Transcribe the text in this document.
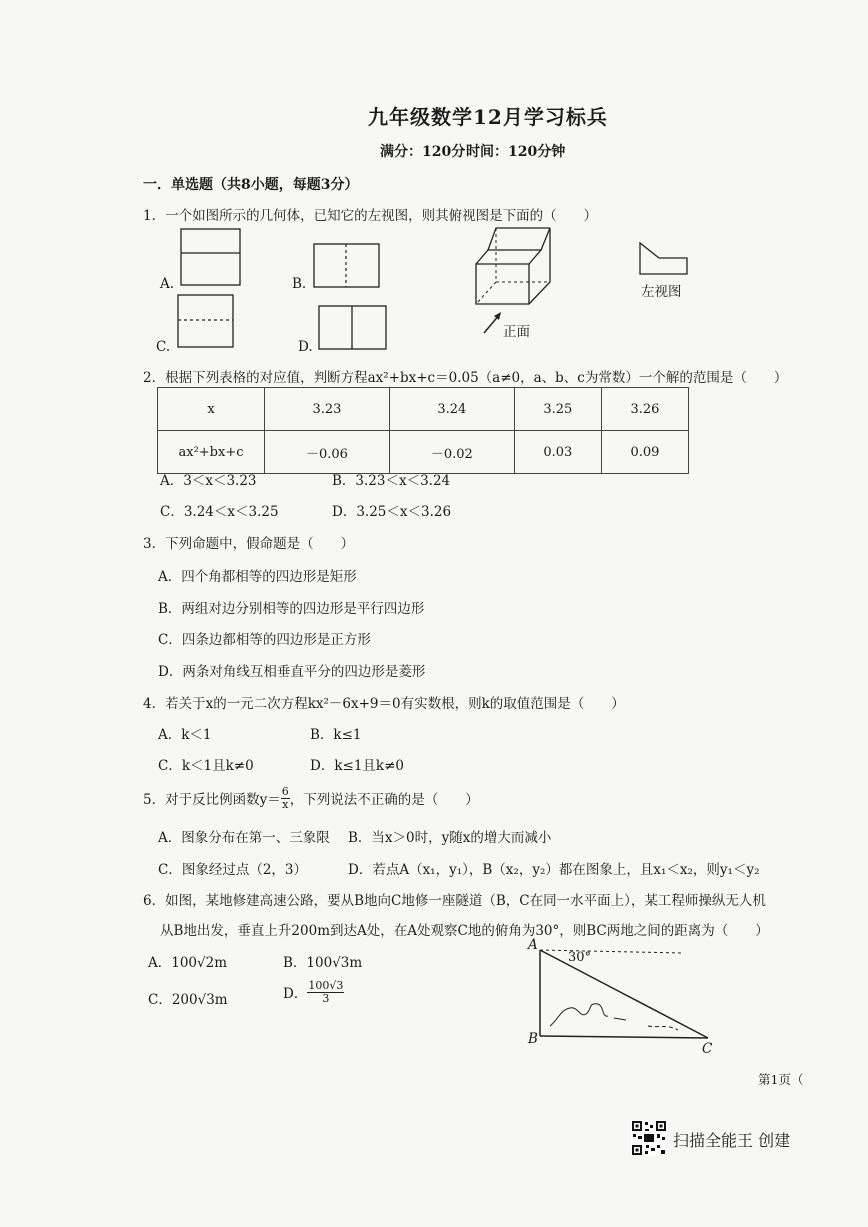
九年级数学12月学习标兵
满分：120分 时间：120分钟
一．单选题（共8小题，每题3分）
1．一个如图所示的几何体，已知它的左视图，则其俯视图是下面的（　　）
A.	B.
C.	D.
正面
左视图
2．根据下列表格的对应值，判断方程ax²+bx+c＝0.05（a≠0，a、b、c为常数）一个解的范围是（　　）
x	3.23	3.24	3.25	3.26
ax²+bx+c	－0.06	－0.02	0.03	0.09
A．3＜x＜3.23	B．3.23＜x＜3.24
C．3.24＜x＜3.25	D．3.25＜x＜3.26
3．下列命题中，假命题是（　　）
A．四个角都相等的四边形是矩形
B．两组对边分别相等的四边形是平行四边形
C．四条边都相等的四边形是正方形
D．两条对角线互相垂直平分的四边形是菱形
4．若关于x的一元二次方程kx²－6x+9＝0有实数根，则k的取值范围是（　　）
A．k＜1	B．k≤1
C．k＜1且k≠0	D．k≤1且k≠0
5．对于反比例函数$y= \frac{6}{x}$ ，下列说法不正确的是（　　）
A．图象分布在第一、三象限 B．当x＞0时，y随x的增大而减小
C．图象经过点（2，3）	D．若点A（x₁，y₁），B（x₂，y₂）都在图象上，且x₁＜x₂，则y₁＜y₂
6．如图，某地修建高速公路，要从B地向C地修一座隧道（B，C在同一水平面上），某工程师操纵无人机
从B地出发，垂直上升200m到达A处，在A处观察C地的俯角为30°，则BC两地之间的距离为（　　）
A．100√2m	B．100√3m
C．200√3m	D． $\frac{100√3}{3}$
A
B
C
30°
第1页（
扫描全能王 创建
